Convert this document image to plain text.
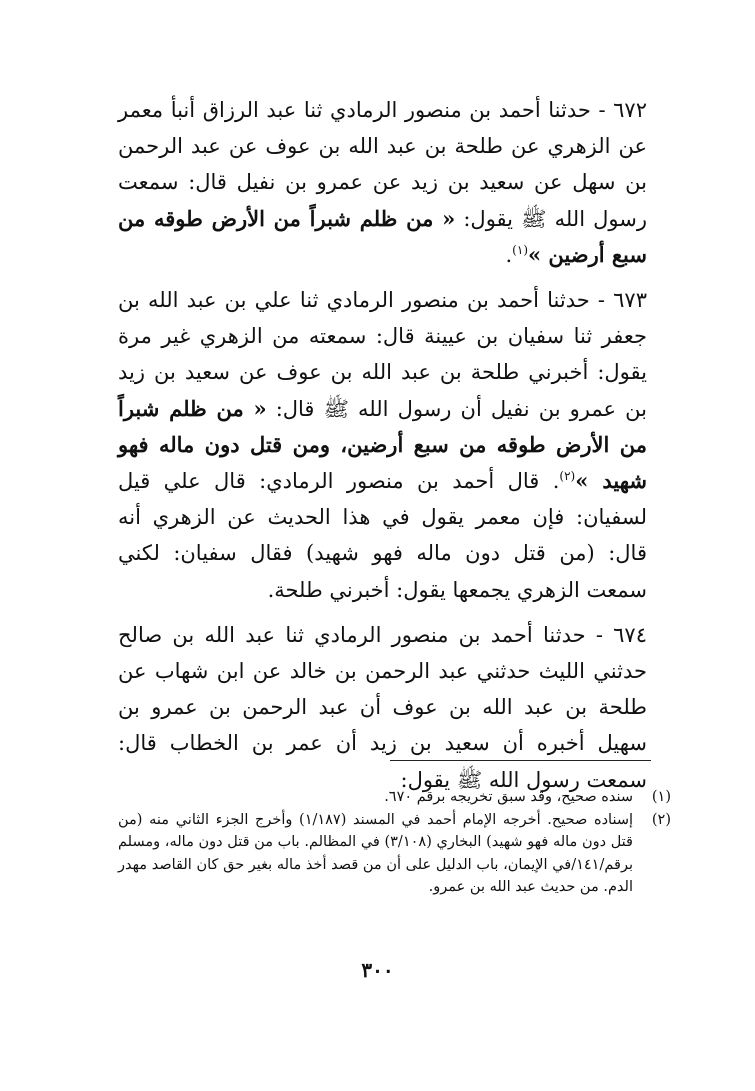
٦٧٢ - حدثنا أحمد بن منصور الرمادي ثنا عبد الرزاق أنبأ معمر عن الزهري عن طلحة بن عبد الله بن عوف عن عبد الرحمن بن سهل عن سعيد بن زيد عن عمرو بن نفيل قال: سمعت رسول الله ﷺ يقول: « من ظلم شبراً من الأرض طوقه من سبع أرضين »$^{(١)}$.

٦٧٣ - حدثنا أحمد بن منصور الرمادي ثنا علي بن عبد الله بن جعفر ثنا سفيان بن عيينة قال: سمعته من الزهري غير مرة يقول: أخبرني طلحة بن عبد الله بن عوف عن سعيد بن زيد بن عمرو بن نفيل أن رسول الله ﷺ قال: « من ظلم شبراً من الأرض طوقه من سبع أرضين، ومن قتل دون ماله فهو شهيد »$^{(٢)}$. قال أحمد بن منصور الرمادي: قال علي قيل لسفيان: فإن معمر يقول في هذا الحديث عن الزهري أنه قال: (من قتل دون ماله فهو شهيد) فقال سفيان: لكني سمعت الزهري يجمعها يقول: أخبرني طلحة.

٦٧٤ - حدثنا أحمد بن منصور الرمادي ثنا عبد الله بن صالح حدثني الليث حدثني عبد الرحمن بن خالد عن ابن شهاب عن طلحة بن عبد الله بن عوف أن عبد الرحمن بن عمرو بن سهيل أخبره أن سعيد بن زيد أن عمر بن الخطاب قال: سمعت رسول الله ﷺ يقول:

(١)
سنده صحيح، وقد سبق تخريجه برقم ٦٧٠.
(٢)
إسناده صحيح. أخرجه الإمام أحمد في المسند (١/١٨٧) وأخرج الجزء الثاني منه (من قتل دون ماله فهو شهيد) البخاري (٣/١٠٨) في المظالم. باب من قتل دون ماله، ومسلم برقم/١٤١/في الإيمان، باب الدليل على أن من قصد أخذ ماله بغير حق كان القاصد مهدر الدم. من حديث عبد الله بن عمرو.
٣٠٠
